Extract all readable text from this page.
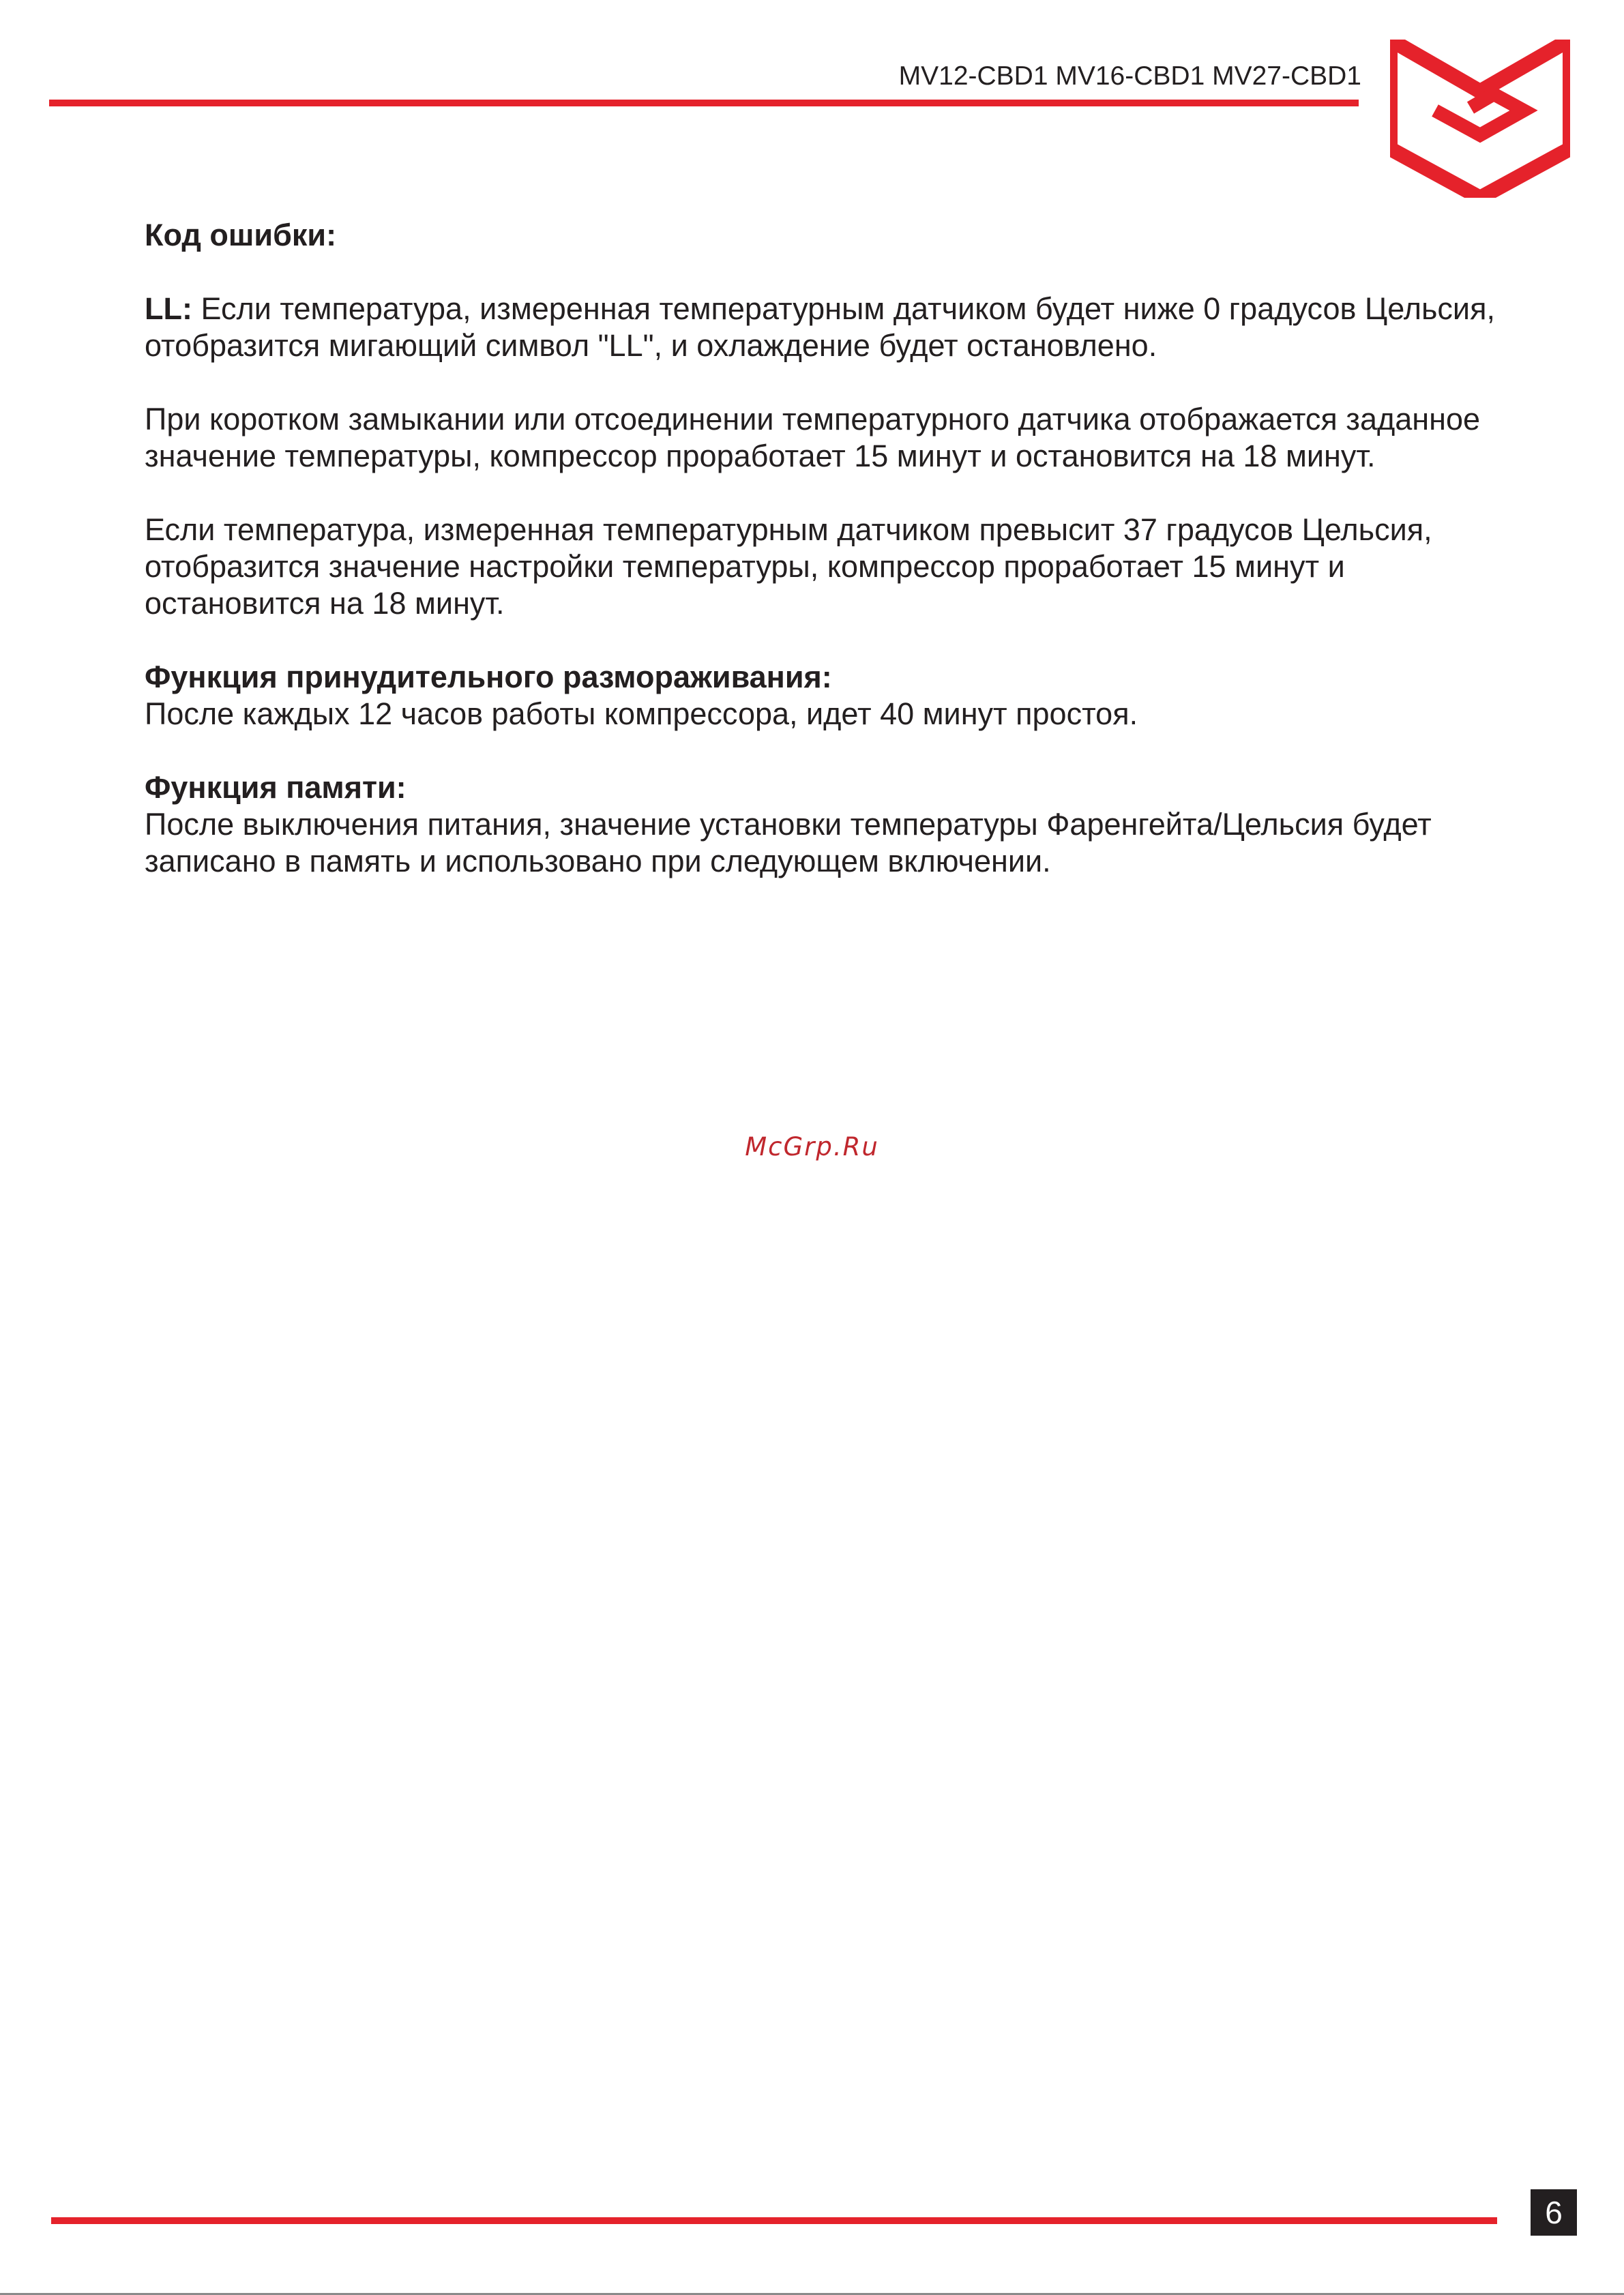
MV12-CBD1 MV16-CBD1 MV27-CBD1

Код ошибки:

LL: Если температура, измеренная температурным датчиком будет ниже 0 градусов Цельсия, отобразится мигающий символ "LL", и охлаждение будет остановлено.

При коротком замыкании или отсоединении температурного датчика отображается заданное значение температуры, компрессор проработает 15 минут и остановится на 18 минут.

Если температура, измеренная температурным датчиком превысит 37 градусов Цельсия, отобразится значение настройки температуры, компрессор проработает 15 минут и остановится на 18 минут.

Функция принудительного размораживания:
После каждых 12 часов работы компрессора, идет 40 минут простоя.

Функция памяти:
После выключения питания, значение установки температуры Фаренгейта/Цельсия будет записано в память и использовано при следующем включении.

McGrp.Ru
6
